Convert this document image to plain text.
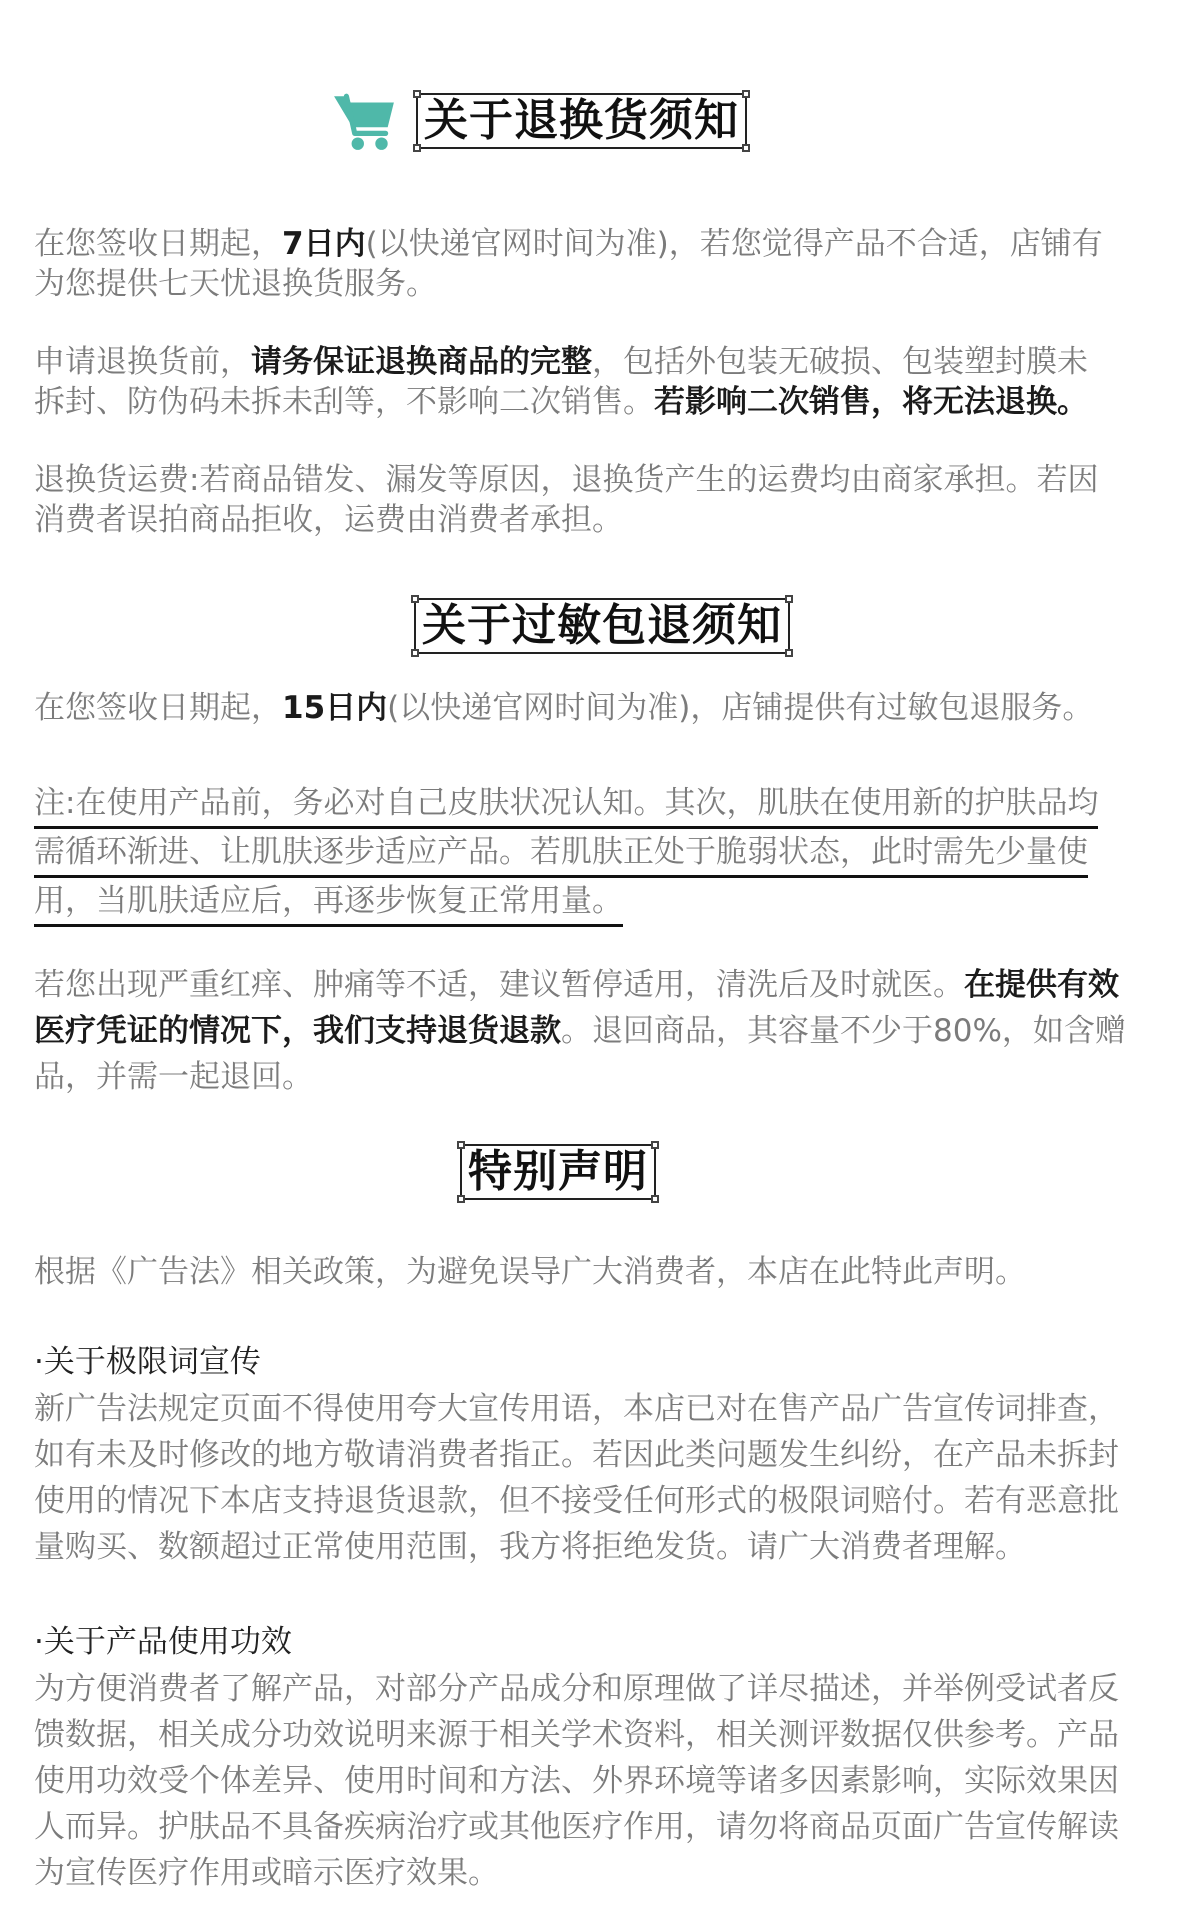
关于退换货须知
在您签收日期起，7日内(以快递官网时间为准)，若您觉得产品不合适，店铺有
为您提供七天忧退换货服务。
申请退换货前，请务保证退换商品的完整，包括外包装无破损、包装塑封膜未
拆封、防伪码未拆未刮等，不影响二次销售。若影响二次销售，将无法退换。
退换货运费:若商品错发、漏发等原因，退换货产生的运费均由商家承担。若因
消费者误拍商品拒收，运费由消费者承担。
关于过敏包退须知
在您签收日期起，15日内(以快递官网时间为准)，店铺提供有过敏包退服务。
注:在使用产品前，务必对自己皮肤状况认知。其次，肌肤在使用新的护肤品均
需循环渐进、让肌肤逐步适应产品。若肌肤正处于脆弱状态，此时需先少量使
用，当肌肤适应后，再逐步恢复正常用量。
若您出现严重红痒、肿痛等不适，建议暂停适用，清洗后及时就医。在提供有效
医疗凭证的情况下，我们支持退货退款。退回商品，其容量不少于80%，如含赠
品，并需一起退回。
特别声明
根据《广告法》相关政策，为避免误导广大消费者，本店在此特此声明。
·关于极限词宣传
新广告法规定页面不得使用夸大宣传用语，本店已对在售产品广告宣传词排查，
如有未及时修改的地方敬请消费者指正。若因此类问题发生纠纷，在产品未拆封
使用的情况下本店支持退货退款，但不接受任何形式的极限词赔付。若有恶意批
量购买、数额超过正常使用范围，我方将拒绝发货。请广大消费者理解。
·关于产品使用功效
为方便消费者了解产品，对部分产品成分和原理做了详尽描述，并举例受试者反
馈数据，相关成分功效说明来源于相关学术资料，相关测评数据仅供参考。产品
使用功效受个体差异、使用时间和方法、外界环境等诸多因素影响，实际效果因
人而异。护肤品不具备疾病治疗或其他医疗作用，请勿将商品页面广告宣传解读
为宣传医疗作用或暗示医疗效果。
